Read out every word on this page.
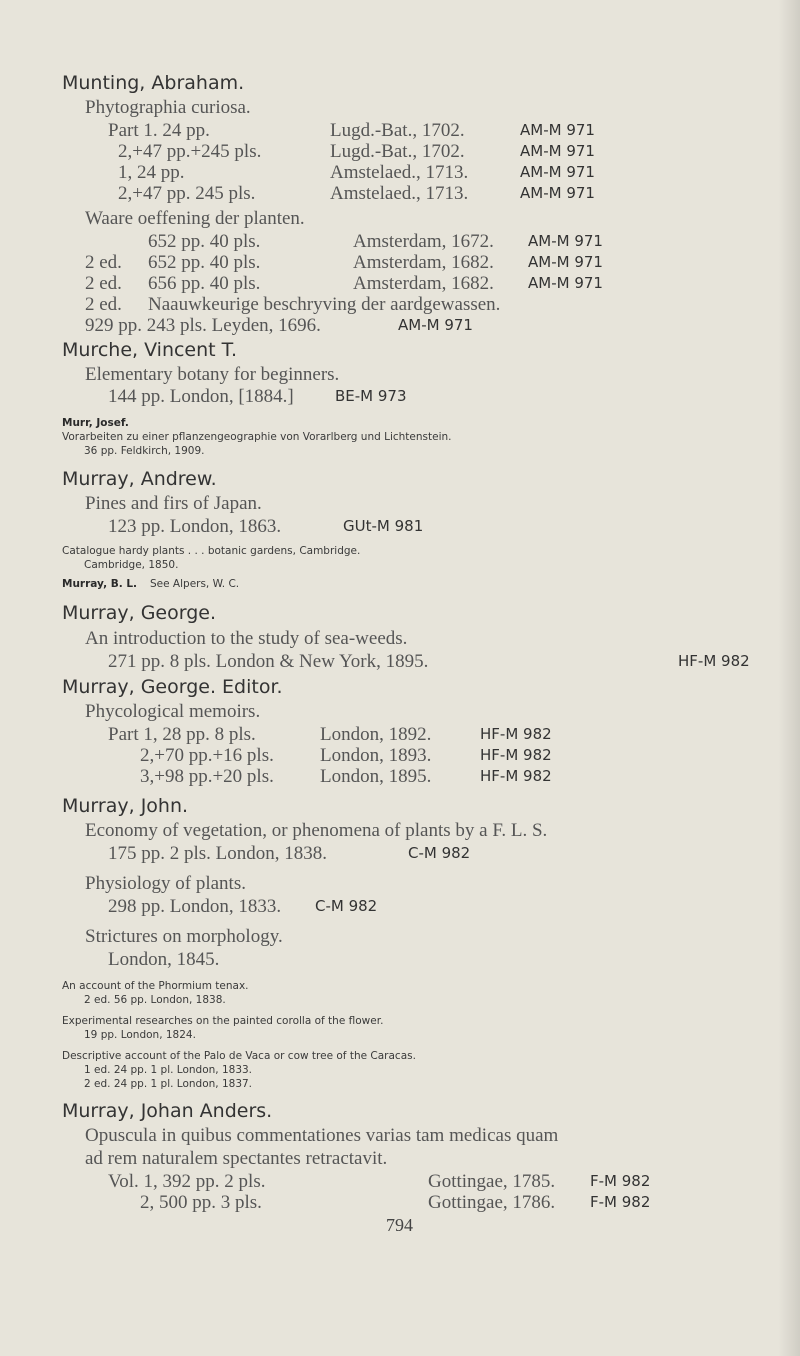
Munting, Abraham.
Phytographia curiosa.
Part 1. 24 pp.	Lugd.-Bat., 1702.	AM-M 971
2,+47 pp.+245 pls.	Lugd.-Bat., 1702.	AM-M 971
1, 24 pp.	Amstelaed., 1713.	AM-M 971
2,+47 pp. 245 pls.	Amstelaed., 1713.	AM-M 971
Waare oeffening der planten.
652 pp. 40 pls.	Amsterdam, 1672. AM-M 971
2 ed. 652 pp. 40 pls.	Amsterdam, 1682. AM-M 971
2 ed. 656 pp. 40 pls.	Amsterdam, 1682. AM-M 971
2 ed. Naauwkeurige beschryving der aardgewassen.
929 pp. 243 pls. Leyden, 1696.	AM-M 971
Murche, Vincent T.
Elementary botany for beginners.
144 pp. London, [1884.]	BE-M 973
Murr, Josef.
Vorarbeiten zu einer pflanzengeographie von Vorarlberg und Lichtenstein.
36 pp. Feldkirch, 1909.
Murray, Andrew.
Pines and firs of Japan.
123 pp. London, 1863.	GUt-M 981
Catalogue hardy plants . . . botanic gardens, Cambridge.
Cambridge, 1850.
Murray, B. L. See Alpers, W. C.
Murray, George.
An introduction to the study of sea-weeds.
271 pp. 8 pls. London & New York, 1895.	HF-M 982
Murray, George. Editor.
Phycological memoirs.
Part 1, 28 pp. 8 pls.	London, 1892.	HF-M 982
2,+70 pp.+16 pls. London, 1893.	HF-M 982
3,+98 pp.+20 pls. London, 1895.	HF-M 982
Murray, John.
Economy of vegetation, or phenomena of plants by a F. L. S.
175 pp. 2 pls. London, 1838.	C-M 982
Physiology of plants.
298 pp. London, 1833. C-M 982
Strictures on morphology.
London, 1845.
An account of the Phormium tenax.
2 ed. 56 pp. London, 1838.
Experimental researches on the painted corolla of the flower.
19 pp. London, 1824.
Descriptive account of the Palo de Vaca or cow tree of the Caracas.
1 ed. 24 pp. 1 pl. London, 1833.
2 ed. 24 pp. 1 pl. London, 1837.
Murray, Johan Anders.
Opuscula in quibus commentationes varias tam medicas quam
ad rem naturalem spectantes retractavit.
Vol. 1, 392 pp. 2 pls.	Gottingae, 1785. F-M 982
2, 500 pp. 3 pls.	Gottingae, 1786. F-M 982
794
